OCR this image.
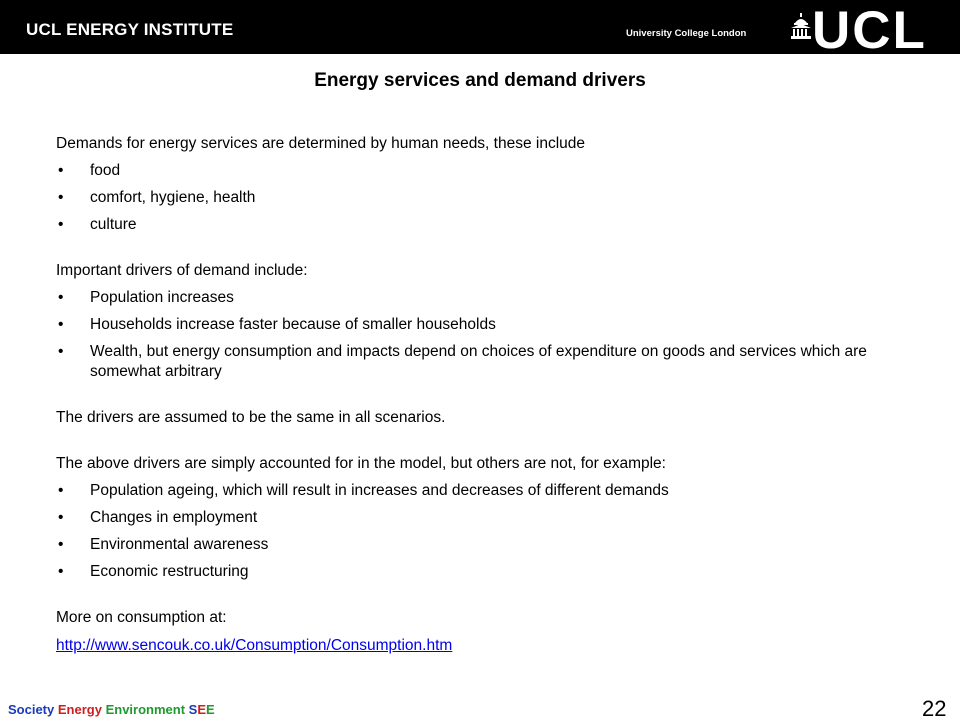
UCL ENERGY INSTITUTE	University College London UCL
Energy services and demand drivers

Demands for energy services are determined by human needs, these include

• food
• comfort, hygiene, health
• culture

Important drivers of demand include:

• Population increases
• Households increase faster because of smaller households
• Wealth, but energy consumption and impacts depend on choices of expenditure on goods and services which are somewhat arbitrary

The drivers are assumed to be the same in all scenarios.

The above drivers are simply accounted for in the model, but others are not, for example:

• Population ageing, which will result in increases and decreases of different demands
• Changes in employment
• Environmental awareness
• Economic restructuring

More on consumption at:

http://www.sencouk.co.uk/Consumption/Consumption.htm

Society Energy Environment SEE	22
